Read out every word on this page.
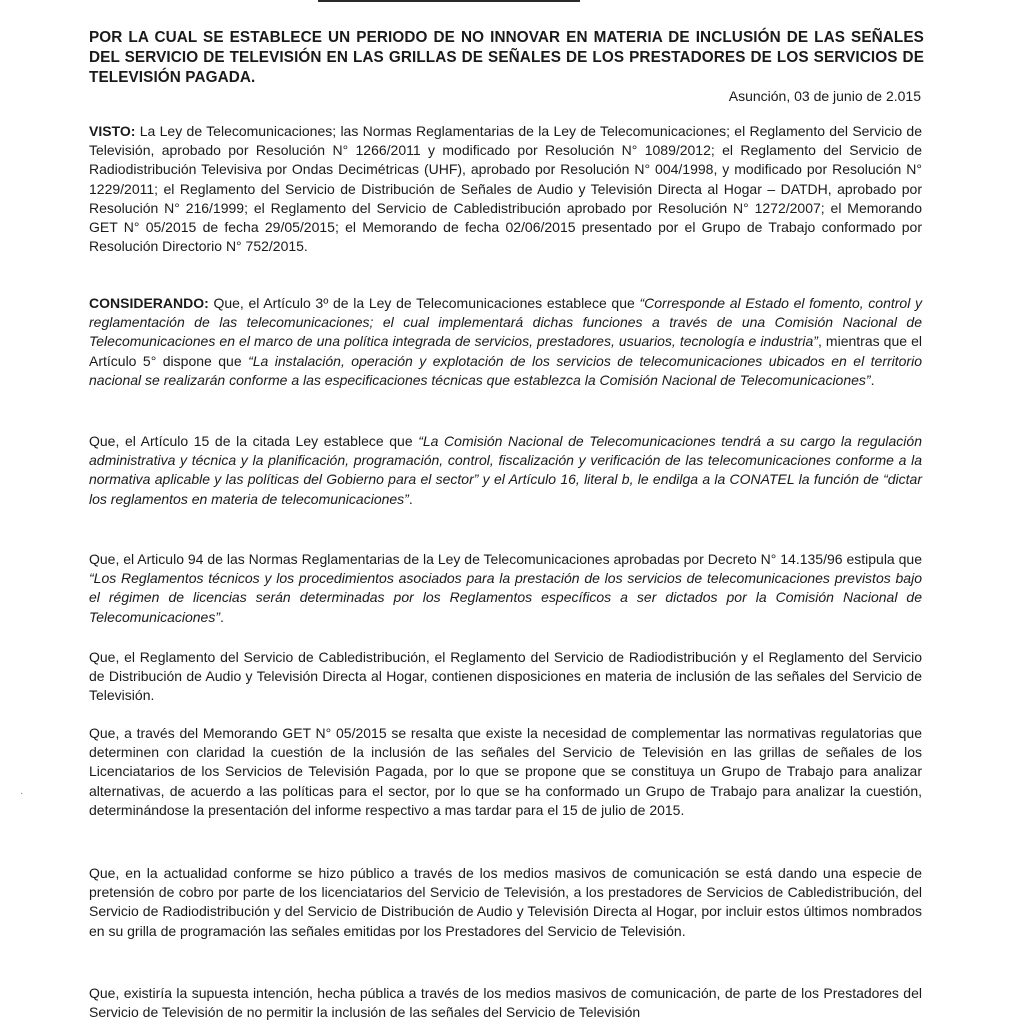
POR LA CUAL SE ESTABLECE UN PERIODO DE NO INNOVAR EN MATERIA DE INCLUSIÓN DE LAS SEÑALES DEL SERVICIO DE TELEVISIÓN EN LAS GRILLAS DE SEÑALES DE LOS PRESTADORES DE LOS SERVICIOS DE TELEVISIÓN PAGADA.
Asunción, 03 de junio de 2.015
VISTO: La Ley de Telecomunicaciones; las Normas Reglamentarias de la Ley de Telecomunicaciones; el Reglamento del Servicio de Televisión, aprobado por Resolución N° 1266/2011 y modificado por Resolución N° 1089/2012; el Reglamento del Servicio de Radiodistribución Televisiva por Ondas Decimétricas (UHF), aprobado por Resolución N° 004/1998, y modificado por Resolución N° 1229/2011; el Reglamento del Servicio de Distribución de Señales de Audio y Televisión Directa al Hogar – DATDH, aprobado por Resolución N° 216/1999; el Reglamento del Servicio de Cabledistribución aprobado por Resolución N° 1272/2007; el Memorando GET N° 05/2015 de fecha 29/05/2015; el Memorando de fecha 02/06/2015 presentado por el Grupo de Trabajo conformado por Resolución Directorio N° 752/2015.
CONSIDERANDO: Que, el Artículo 3º de la Ley de Telecomunicaciones establece que “Corresponde al Estado el fomento, control y reglamentación de las telecomunicaciones; el cual implementará dichas funciones a través de una Comisión Nacional de Telecomunicaciones en el marco de una política integrada de servicios, prestadores, usuarios, tecnología e industria”, mientras que el Artículo 5° dispone que “La instalación, operación y explotación de los servicios de telecomunicaciones ubicados en el territorio nacional se realizarán conforme a las especificaciones técnicas que establezca la Comisión Nacional de Telecomunicaciones”.
Que, el Artículo 15 de la citada Ley establece que “La Comisión Nacional de Telecomunicaciones tendrá a su cargo la regulación administrativa y técnica y la planificación, programación, control, fiscalización y verificación de las telecomunicaciones conforme a la normativa aplicable y las políticas del Gobierno para el sector” y el Artículo 16, literal b, le endilga a la CONATEL la función de “dictar los reglamentos en materia de telecomunicaciones”.
Que, el Articulo 94 de las Normas Reglamentarias de la Ley de Telecomunicaciones aprobadas por Decreto N° 14.135/96 estipula que “Los Reglamentos técnicos y los procedimientos asociados para la prestación de los servicios de telecomunicaciones previstos bajo el régimen de licencias serán determinadas por los Reglamentos específicos a ser dictados por la Comisión Nacional de Telecomunicaciones”.
Que, el Reglamento del Servicio de Cabledistribución, el Reglamento del Servicio de Radiodistribución y el Reglamento del Servicio de Distribución de Audio y Televisión Directa al Hogar, contienen disposiciones en materia de inclusión de las señales del Servicio de Televisión.
Que, a través del Memorando GET N° 05/2015 se resalta que existe la necesidad de complementar las normativas regulatorias que determinen con claridad la cuestión de la inclusión de las señales del Servicio de Televisión en las grillas de señales de los Licenciatarios de los Servicios de Televisión Pagada, por lo que se propone que se constituya un Grupo de Trabajo para analizar alternativas, de acuerdo a las políticas para el sector, por lo que se ha conformado un Grupo de Trabajo para analizar la cuestión, determinándose la presentación del informe respectivo a mas tardar para el 15 de julio de 2015.
Que, en la actualidad conforme se hizo público a través de los medios masivos de comunicación se está dando una especie de pretensión de cobro por parte de los licenciatarios del Servicio de Televisión, a los prestadores de Servicios de Cabledistribución, del Servicio de Radiodistribución y del Servicio de Distribución de Audio y Televisión Directa al Hogar, por incluir estos últimos nombrados en su grilla de programación las señales emitidas por los Prestadores del Servicio de Televisión.
Que, existiría la supuesta intención, hecha pública a través de los medios masivos de comunicación, de parte de los Prestadores del Servicio de Televisión de no permitir la inclusión de las señales del Servicio de Televisión
·
